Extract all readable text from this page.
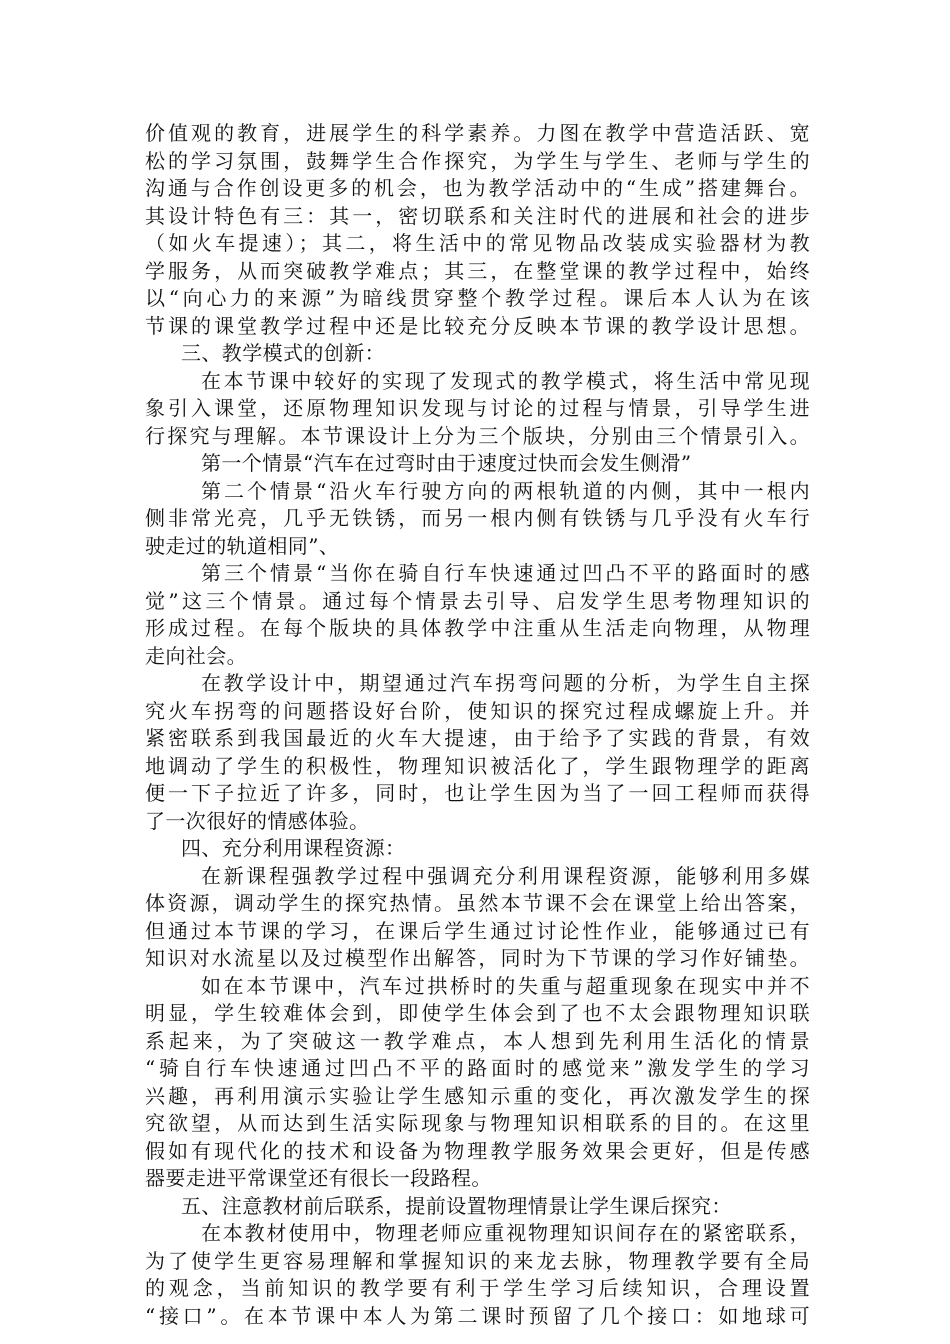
价值观的教育，进展学生的科学素养。力图在教学中营造活跃、宽
松的学习氛围，鼓舞学生合作探究，为学生与学生、老师与学生的
沟通与合作创设更多的机会，也为教学活动中的“生成”搭建舞台。
其设计特色有三：其一，密切联系和关注时代的进展和社会的进步
（如火车提速）；其二，将生活中的常见物品改装成实验器材为教
学服务，从而突破教学难点；其三，在整堂课的教学过程中，始终
以“向心力的来源”为暗线贯穿整个教学过程。课后本人认为在该
节课的课堂教学过程中还是比较充分反映本节课的教学设计思想。
三、教学模式的创新：
在本节课中较好的实现了发现式的教学模式，将生活中常见现
象引入课堂，还原物理知识发现与讨论的过程与情景，引导学生进
行探究与理解。本节课设计上分为三个版块，分别由三个情景引入。
第一个情景“汽车在过弯时由于速度过快而会发生侧滑”
第二个情景“沿火车行驶方向的两根轨道的内侧，其中一根内
侧非常光亮，几乎无铁锈，而另一根内侧有铁锈与几乎没有火车行
驶走过的轨道相同”、
第三个情景“当你在骑自行车快速通过凹凸不平的路面时的感
觉”这三个情景。通过每个情景去引导、启发学生思考物理知识的
形成过程。在每个版块的具体教学中注重从生活走向物理，从物理
走向社会。
在教学设计中，期望通过汽车拐弯问题的分析，为学生自主探
究火车拐弯的问题搭设好台阶，使知识的探究过程成螺旋上升。并
紧密联系到我国最近的火车大提速，由于给予了实践的背景，有效
地调动了学生的积极性，物理知识被活化了，学生跟物理学的距离
便一下子拉近了许多，同时，也让学生因为当了一回工程师而获得
了一次很好的情感体验。
四、充分利用课程资源：
在新课程强教学过程中强调充分利用课程资源，能够利用多媒
体资源，调动学生的探究热情。虽然本节课不会在课堂上给出答案，
但通过本节课的学习，在课后学生通过讨论性作业，能够通过已有
知识对水流星以及过模型作出解答，同时为下节课的学习作好铺垫。
如在本节课中，汽车过拱桥时的失重与超重现象在现实中并不
明显，学生较难体会到，即使学生体会到了也不太会跟物理知识联
系起来，为了突破这一教学难点，本人想到先利用生活化的情景
“骑自行车快速通过凹凸不平的路面时的感觉来”激发学生的学习
兴趣，再利用演示实验让学生感知示重的变化，再次激发学生的探
究欲望，从而达到生活实际现象与物理知识相联系的目的。在这里
假如有现代化的技术和设备为物理教学服务效果会更好，但是传感
器要走进平常课堂还有很长一段路程。
五、注意教材前后联系，提前设置物理情景让学生课后探究：
在本教材使用中，物理老师应重视物理知识间存在的紧密联系，
为了使学生更容易理解和掌握知识的来龙去脉，物理教学要有全局
的观念，当前知识的教学要有利于学生学习后续知识，合理设置
“接口”。在本节课中本人为第二课时预留了几个接口：如地球可
